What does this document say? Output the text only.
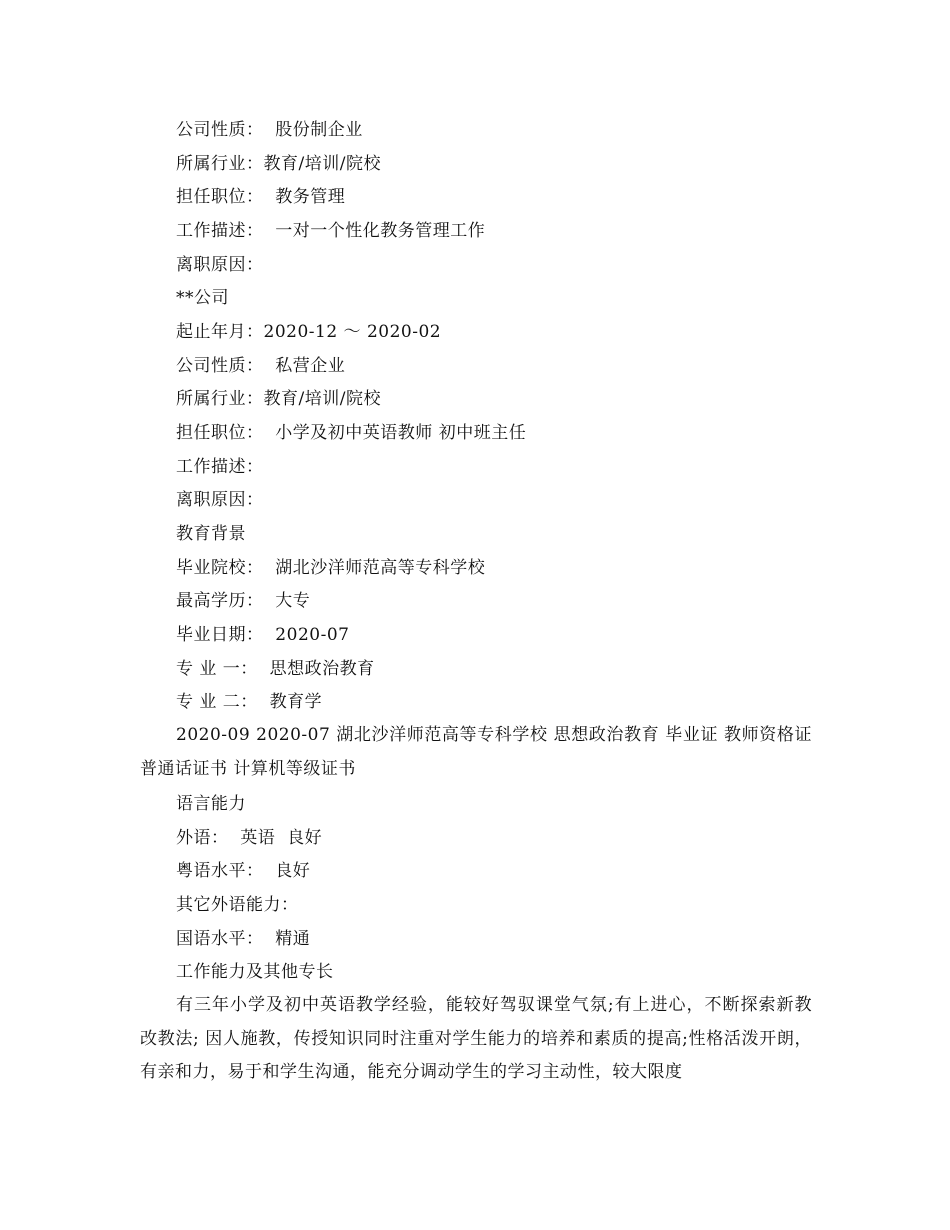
公司性质：  股份制企业
所属行业：教育/培训/院校
担任职位：  教务管理
工作描述：  一对一个性化教务管理工作
离职原因：
**公司
起止年月：2020-12 ～ 2020-02
公司性质：  私营企业
所属行业：教育/培训/院校
担任职位：  小学及初中英语教师 初中班主任
工作描述：
离职原因：
教育背景
毕业院校：  湖北沙洋师范高等专科学校
最高学历：  大专
毕业日期：  2020-07
专 业 一：  思想政治教育
专 业 二：  教育学
2020-09 2020-07 湖北沙洋师范高等专科学校 思想政治教育 毕业证 教师资格证 普通话证书 计算机等级证书
语言能力
外语：  英语  良好
粤语水平：  良好
其它外语能力：
国语水平：  精通
工作能力及其他专长
有三年小学及初中英语教学经验，能较好驾驭课堂气氛;有上进心，不断探索新教改教法; 因人施教，传授知识同时注重对学生能力的培养和素质的提高;性格活泼开朗，有亲和力，易于和学生沟通，能充分调动学生的学习主动性，较大限度
